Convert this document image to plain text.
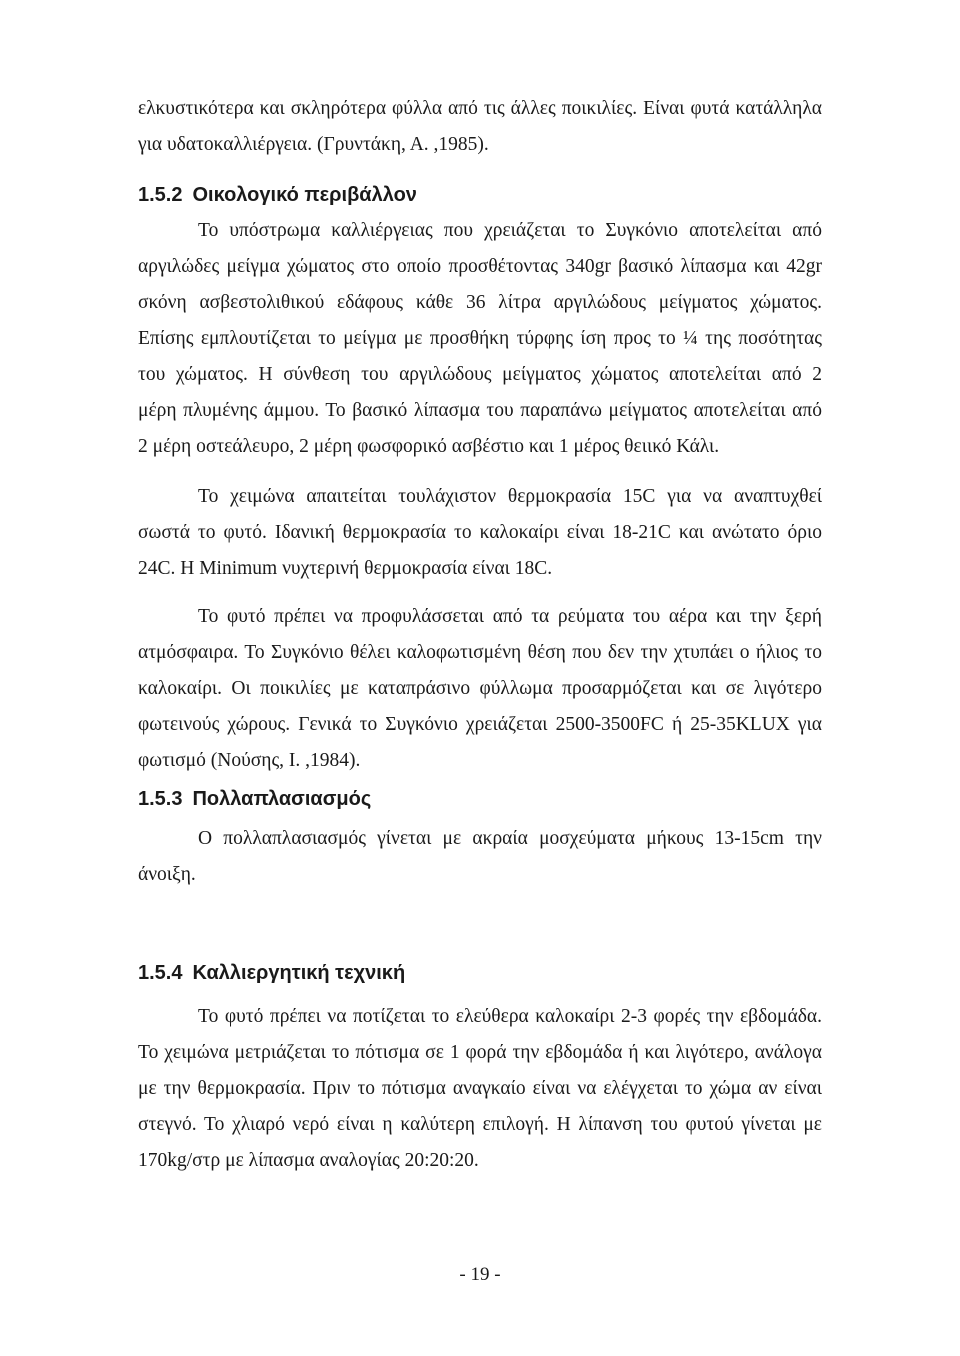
ελκυστικότερα και σκληρότερα φύλλα από τις άλλες ποικιλίες. Είναι φυτά κατάλληλα
για υδατοκαλλιέργεια. (Γρυντάκη, Α. ,1985).
1.5.2 Οικολογικό περιβάλλον
Το υπόστρωμα καλλιέργειας που χρειάζεται το Συγκόνιο αποτελείται από
αργιλώδες μείγμα χώματος στο οποίο προσθέτοντας 340gr βασικό λίπασμα και 42gr
σκόνη ασβεστολιθικού εδάφους κάθε 36 λίτρα αργιλώδους μείγματος χώματος.
Επίσης εμπλουτίζεται το μείγμα με προσθήκη τύρφης ίση προς το ¼ της ποσότητας
του χώματος. Η σύνθεση του αργιλώδους μείγματος χώματος αποτελείται από 2
μέρη πλυμένης άμμου. Το βασικό λίπασμα του παραπάνω μείγματος αποτελείται από
2 μέρη οστεάλευρο, 2 μέρη φωσφορικό ασβέστιο και 1 μέρος θειικό Κάλι.
Το χειμώνα απαιτείται τουλάχιστον θερμοκρασία 15C για να αναπτυχθεί
σωστά το φυτό. Ιδανική θερμοκρασία το καλοκαίρι είναι 18-21C και ανώτατο όριο
24C. Η Minimum νυχτερινή θερμοκρασία είναι 18C.
Το φυτό πρέπει να προφυλάσσεται από τα ρεύματα του αέρα και την ξερή
ατμόσφαιρα. Το Συγκόνιο θέλει καλοφωτισμένη θέση που δεν την χτυπάει ο ήλιος το
καλοκαίρι. Οι ποικιλίες με καταπράσινο φύλλωμα προσαρμόζεται και σε λιγότερο
φωτεινούς χώρους. Γενικά το Συγκόνιο χρειάζεται 2500-3500FC ή 25-35KLUX για
φωτισμό (Νούσης, Ι. ,1984).
1.5.3 Πολλαπλασιασμός
Ο πολλαπλασιασμός γίνεται με ακραία μοσχεύματα μήκους 13-15cm την
άνοιξη.
1.5.4 Καλλιεργητική τεχνική
Το φυτό πρέπει να ποτίζεται το ελεύθερα καλοκαίρι 2-3 φορές την εβδομάδα.
Το χειμώνα μετριάζεται το πότισμα σε 1 φορά την εβδομάδα ή και λιγότερο, ανάλογα
με την θερμοκρασία. Πριν το πότισμα αναγκαίο είναι να ελέγχεται το χώμα αν είναι
στεγνό. Το χλιαρό νερό είναι η καλύτερη επιλογή. Η λίπανση του φυτού γίνεται με
170kg/στρ με λίπασμα αναλογίας 20:20:20.
- 19 -
